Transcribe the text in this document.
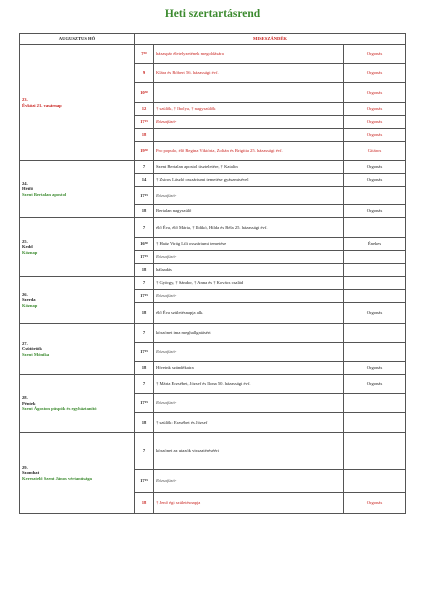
Heti szertartásrend
AUGUSZTUS HÓ	MISESZÁNDÉK		

23.
Évközi 21. vasárnap	$7^{30}$	házaspár életelyzetének megoldására	Orgonás
	9	Klára és Róbert 56. házassági évf.	Orgonás
	$10^{30}$		Orgonás
	12	† szülők, † Ibolya, † nagyszülők	Orgonás
	$17^{15}$	Rózsafüzér	Orgonás
	18		Orgonás
	$19^{30}$	Pro populo, élő Regina Viktória, Zoltán és Brigitta 25. házassági évf.	Gitáros

24.
Hétfő
Szent Bertalan apostol	7	Szent Bertalan apostol tiszteletére, † Katalin	Orgonás
	14	† Zsiros László osszáriumi temetése gyászmisével	Orgonás
	$17^{15}$	Rózsafüzér	
	18	Bertalan nagyszülő	Orgonás

25.
Kedd
Köznap	7	élő Éva, élő Mária, † Ildikó, Hilda és Béla 25. házassági évf.	
	$16^{30}$	† Haáz Virág Lili osszáriumi temetése	Énekes
	$17^{15}$	Rózsafüzér	
	18	hálaadás	

26.
Szerda
Köznap	7	† György, † Sándor, † Anna és † Kovács család	
	$17^{15}$	Rózsafüzér	
	18	élő Éva születésnapja alk.	Orgonás

27.
Csütörtök
Szent Mónika	7	köszönet ima meghallgatásért	
	$17^{15}$	Rózsafüzér	
	18	Híveink szándékaira	Orgonás

28.
Péntek
Szent Ágoston püspök és egyháztanító	7	† Mária Erzsébet, József és Ilona 50. házassági évf.	Orgonás
	$17^{15}$	Rózsafüzér	
	18	† szülők: Erzsébet és József	

29.
Szombat
Keresztelő Szent János vértanúsága	7	köszönet az utazók visszatéréséért	
	$17^{15}$	Rózsafüzér	
	18	† Jenő égi születésnapja	Orgonás
